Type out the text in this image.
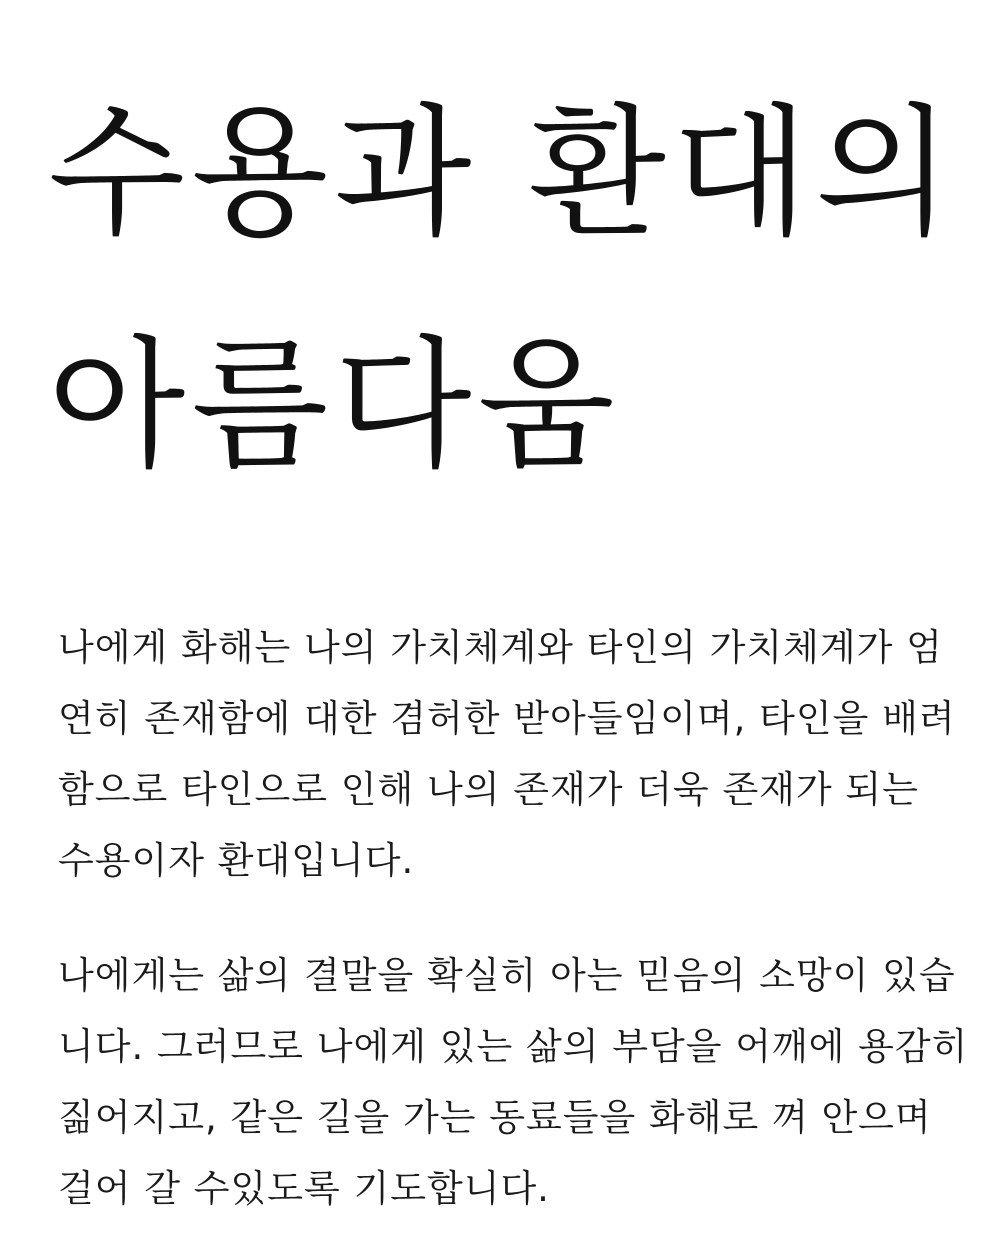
수용과 환대의
아름다움

나에게 화해는 나의 가치체계와 타인의 가치체계가 엄
연히 존재함에 대한 겸허한 받아들임이며, 타인을 배려
함으로 타인으로 인해 나의 존재가 더욱 존재가 되는
수용이자 환대입니다.

나에게는 삶의 결말을 확실히 아는 믿음의 소망이 있습
니다. 그러므로 나에게 있는 삶의 부담을 어깨에 용감히
짊어지고, 같은 길을 가는 동료들을 화해로 껴 안으며
걸어 갈 수있도록 기도합니다.
